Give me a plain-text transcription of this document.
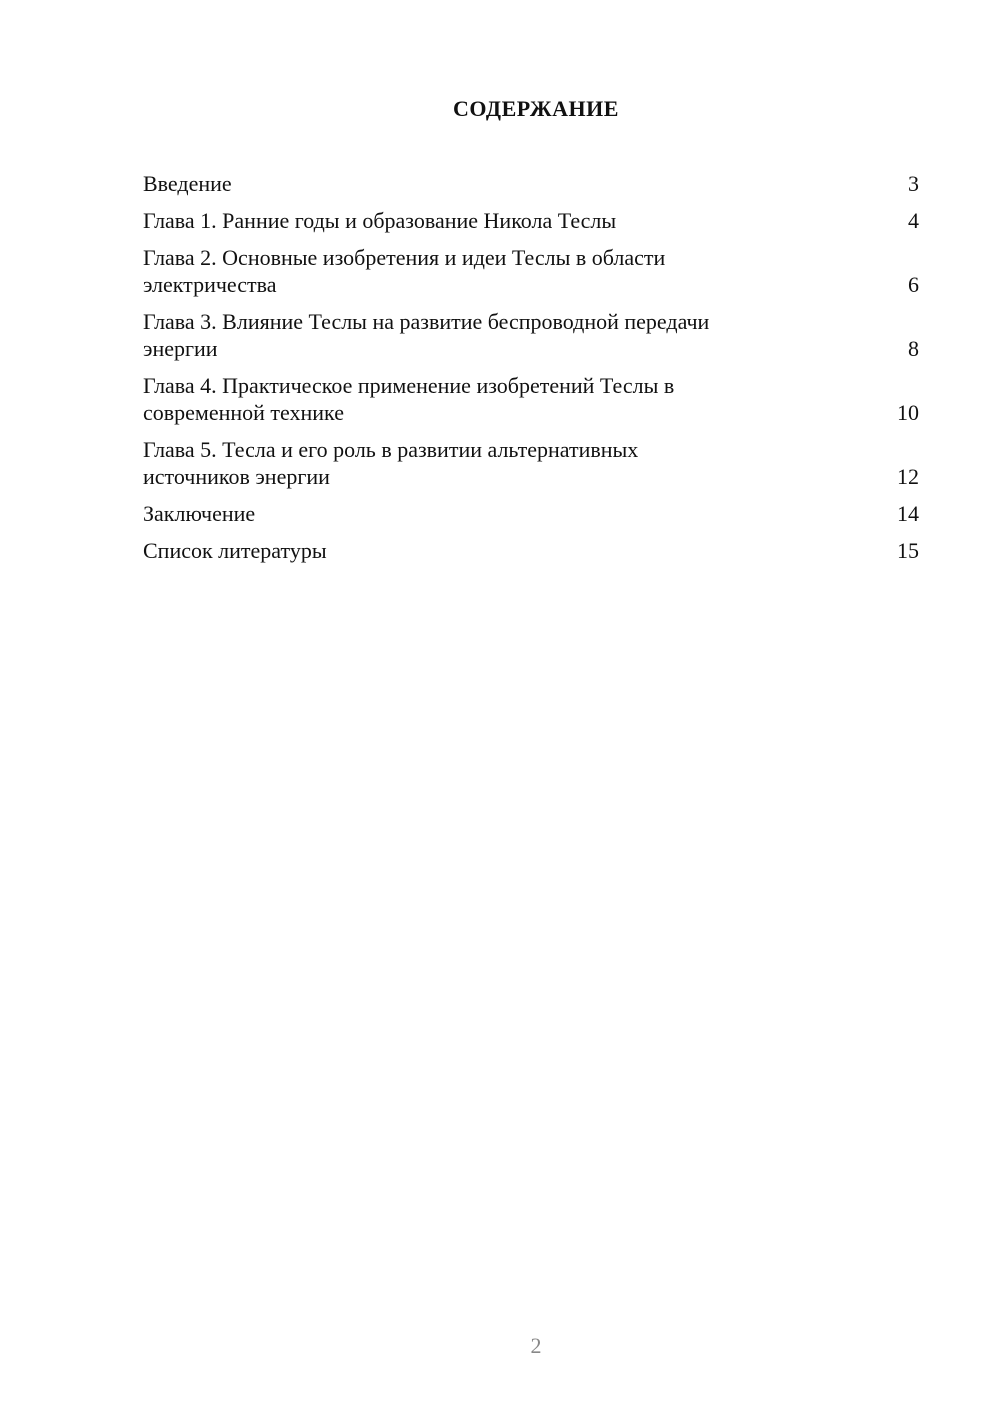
СОДЕРЖАНИЕ
Введение	3
Глава 1. Ранние годы и образование Никола Теслы	4
Глава 2. Основные изобретения и идеи Теслы в области
электричества	6
Глава 3. Влияние Теслы на развитие беспроводной передачи
энергии	8
Глава 4. Практическое применение изобретений Теслы в
современной технике	10
Глава 5. Тесла и его роль в развитии альтернативных
источников энергии	12
Заключение	14
Список литературы	15
2
